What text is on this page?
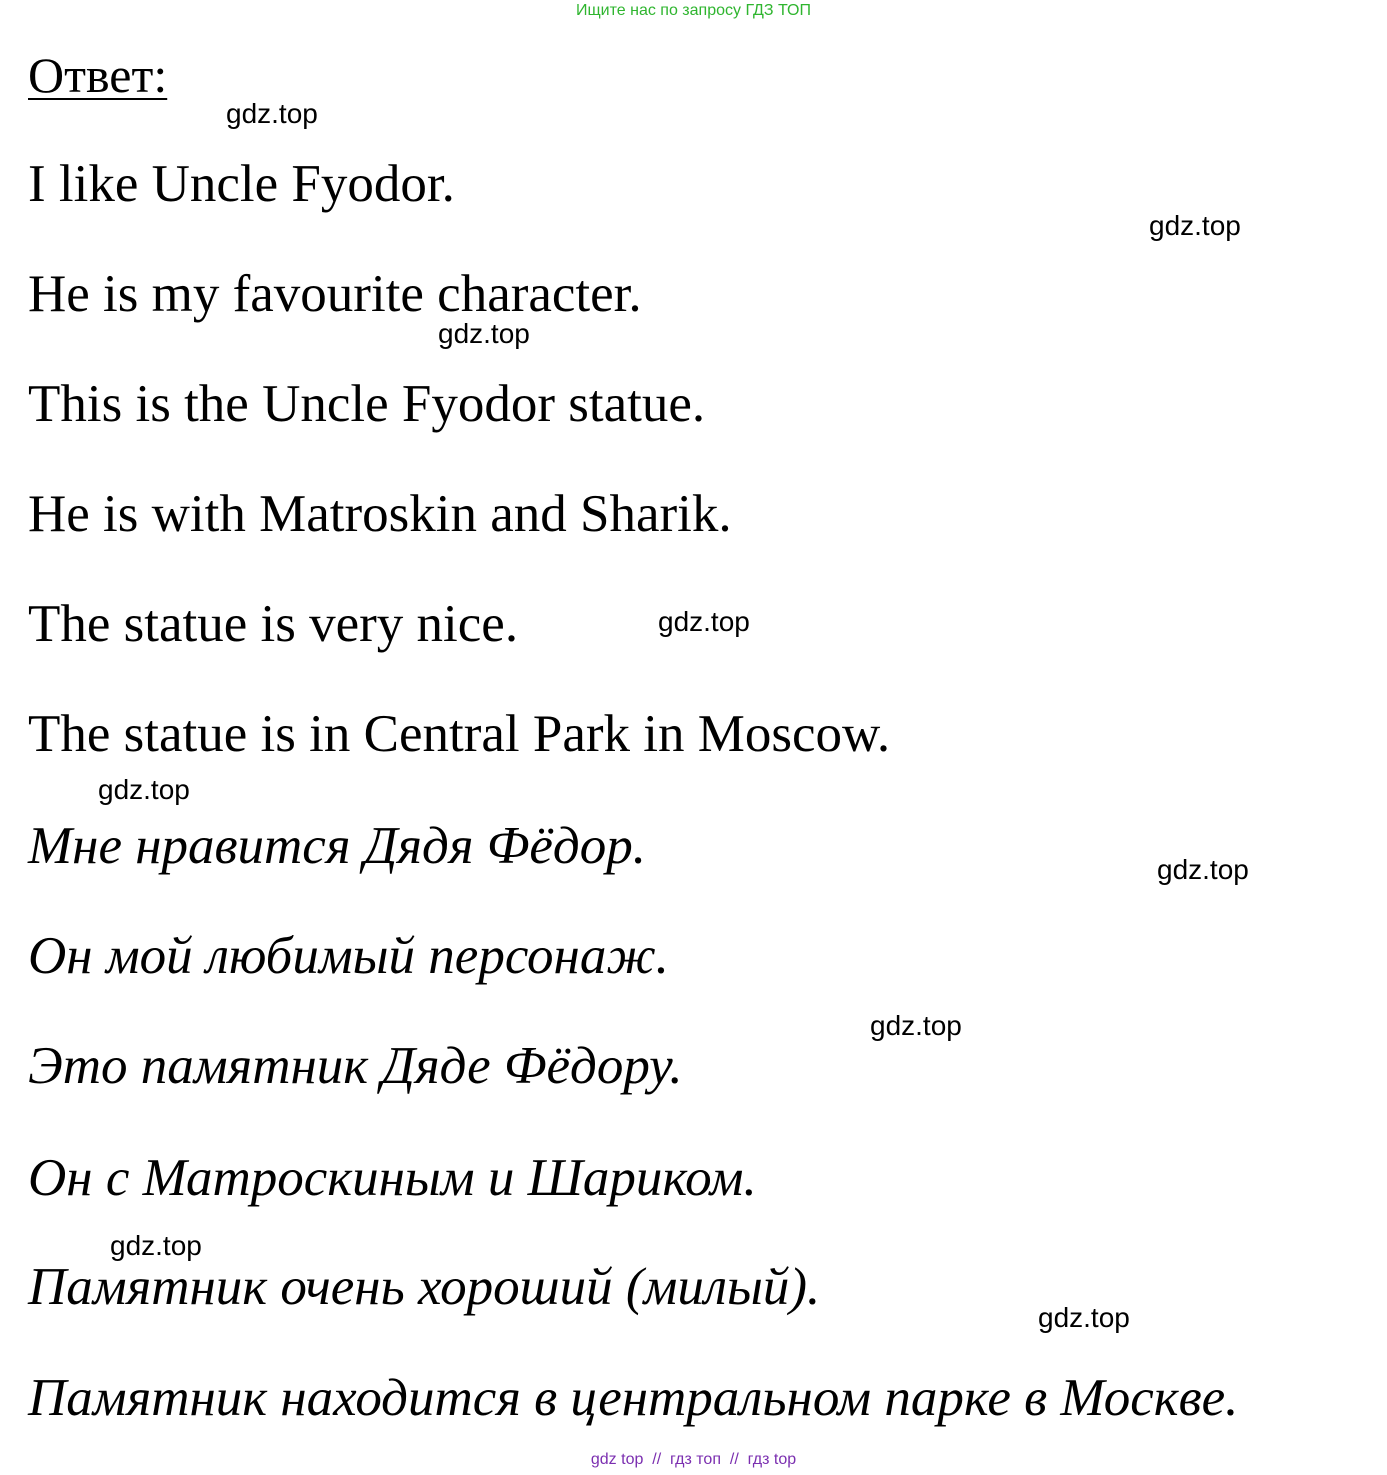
Ищите нас по запросу ГДЗ ТОП
Ответ:
I like Uncle Fyodor.
He is my favourite character.
This is the Uncle Fyodor statue.
He is with Matroskin and Sharik.
The statue is very nice.
The statue is in Central Park in Moscow.
Мне нравится Дядя Фёдор.
Он мой любимый персонаж.
Это памятник Дяде Фёдору.
Он с Матроскиным и Шариком.
Памятник очень хороший (милый).
Памятник находится в центральном парке в Москве.
gdz.top
gdz.top
gdz.top
gdz.top
gdz.top
gdz.top
gdz.top
gdz.top
gdz.top
gdz top  //  гдз топ  //  гдз top
